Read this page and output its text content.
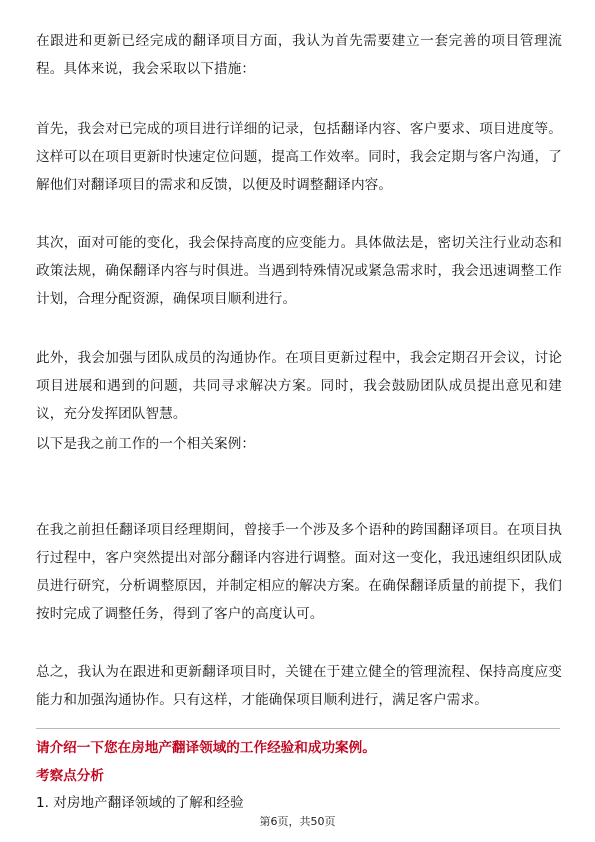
在跟进和更新已经完成的翻译项目方面，我认为首先需要建立一套完善的项目管理流程。具体来说，我会采取以下措施：

首先，我会对已完成的项目进行详细的记录，包括翻译内容、客户要求、项目进度等。这样可以在项目更新时快速定位问题，提高工作效率。同时，我会定期与客户沟通，了解他们对翻译项目的需求和反馈，以便及时调整翻译内容。

其次，面对可能的变化，我会保持高度的应变能力。具体做法是，密切关注行业动态和政策法规，确保翻译内容与时俱进。当遇到特殊情况或紧急需求时，我会迅速调整工作计划，合理分配资源，确保项目顺利进行。

此外，我会加强与团队成员的沟通协作。在项目更新过程中，我会定期召开会议，讨论项目进展和遇到的问题，共同寻求解决方案。同时，我会鼓励团队成员提出意见和建议，充分发挥团队智慧。

以下是我之前工作的一个相关案例：

在我之前担任翻译项目经理期间，曾接手一个涉及多个语种的跨国翻译项目。在项目执行过程中，客户突然提出对部分翻译内容进行调整。面对这一变化，我迅速组织团队成员进行研究，分析调整原因，并制定相应的解决方案。在确保翻译质量的前提下，我们按时完成了调整任务，得到了客户的高度认可。

总之，我认为在跟进和更新翻译项目时，关键在于建立健全的管理流程、保持高度应变能力和加强沟通协作。只有这样，才能确保项目顺利进行，满足客户需求。

请介绍一下您在房地产翻译领域的工作经验和成功案例。

考察点分析

1. 对房地产翻译领域的了解和经验

第6页，共50页
